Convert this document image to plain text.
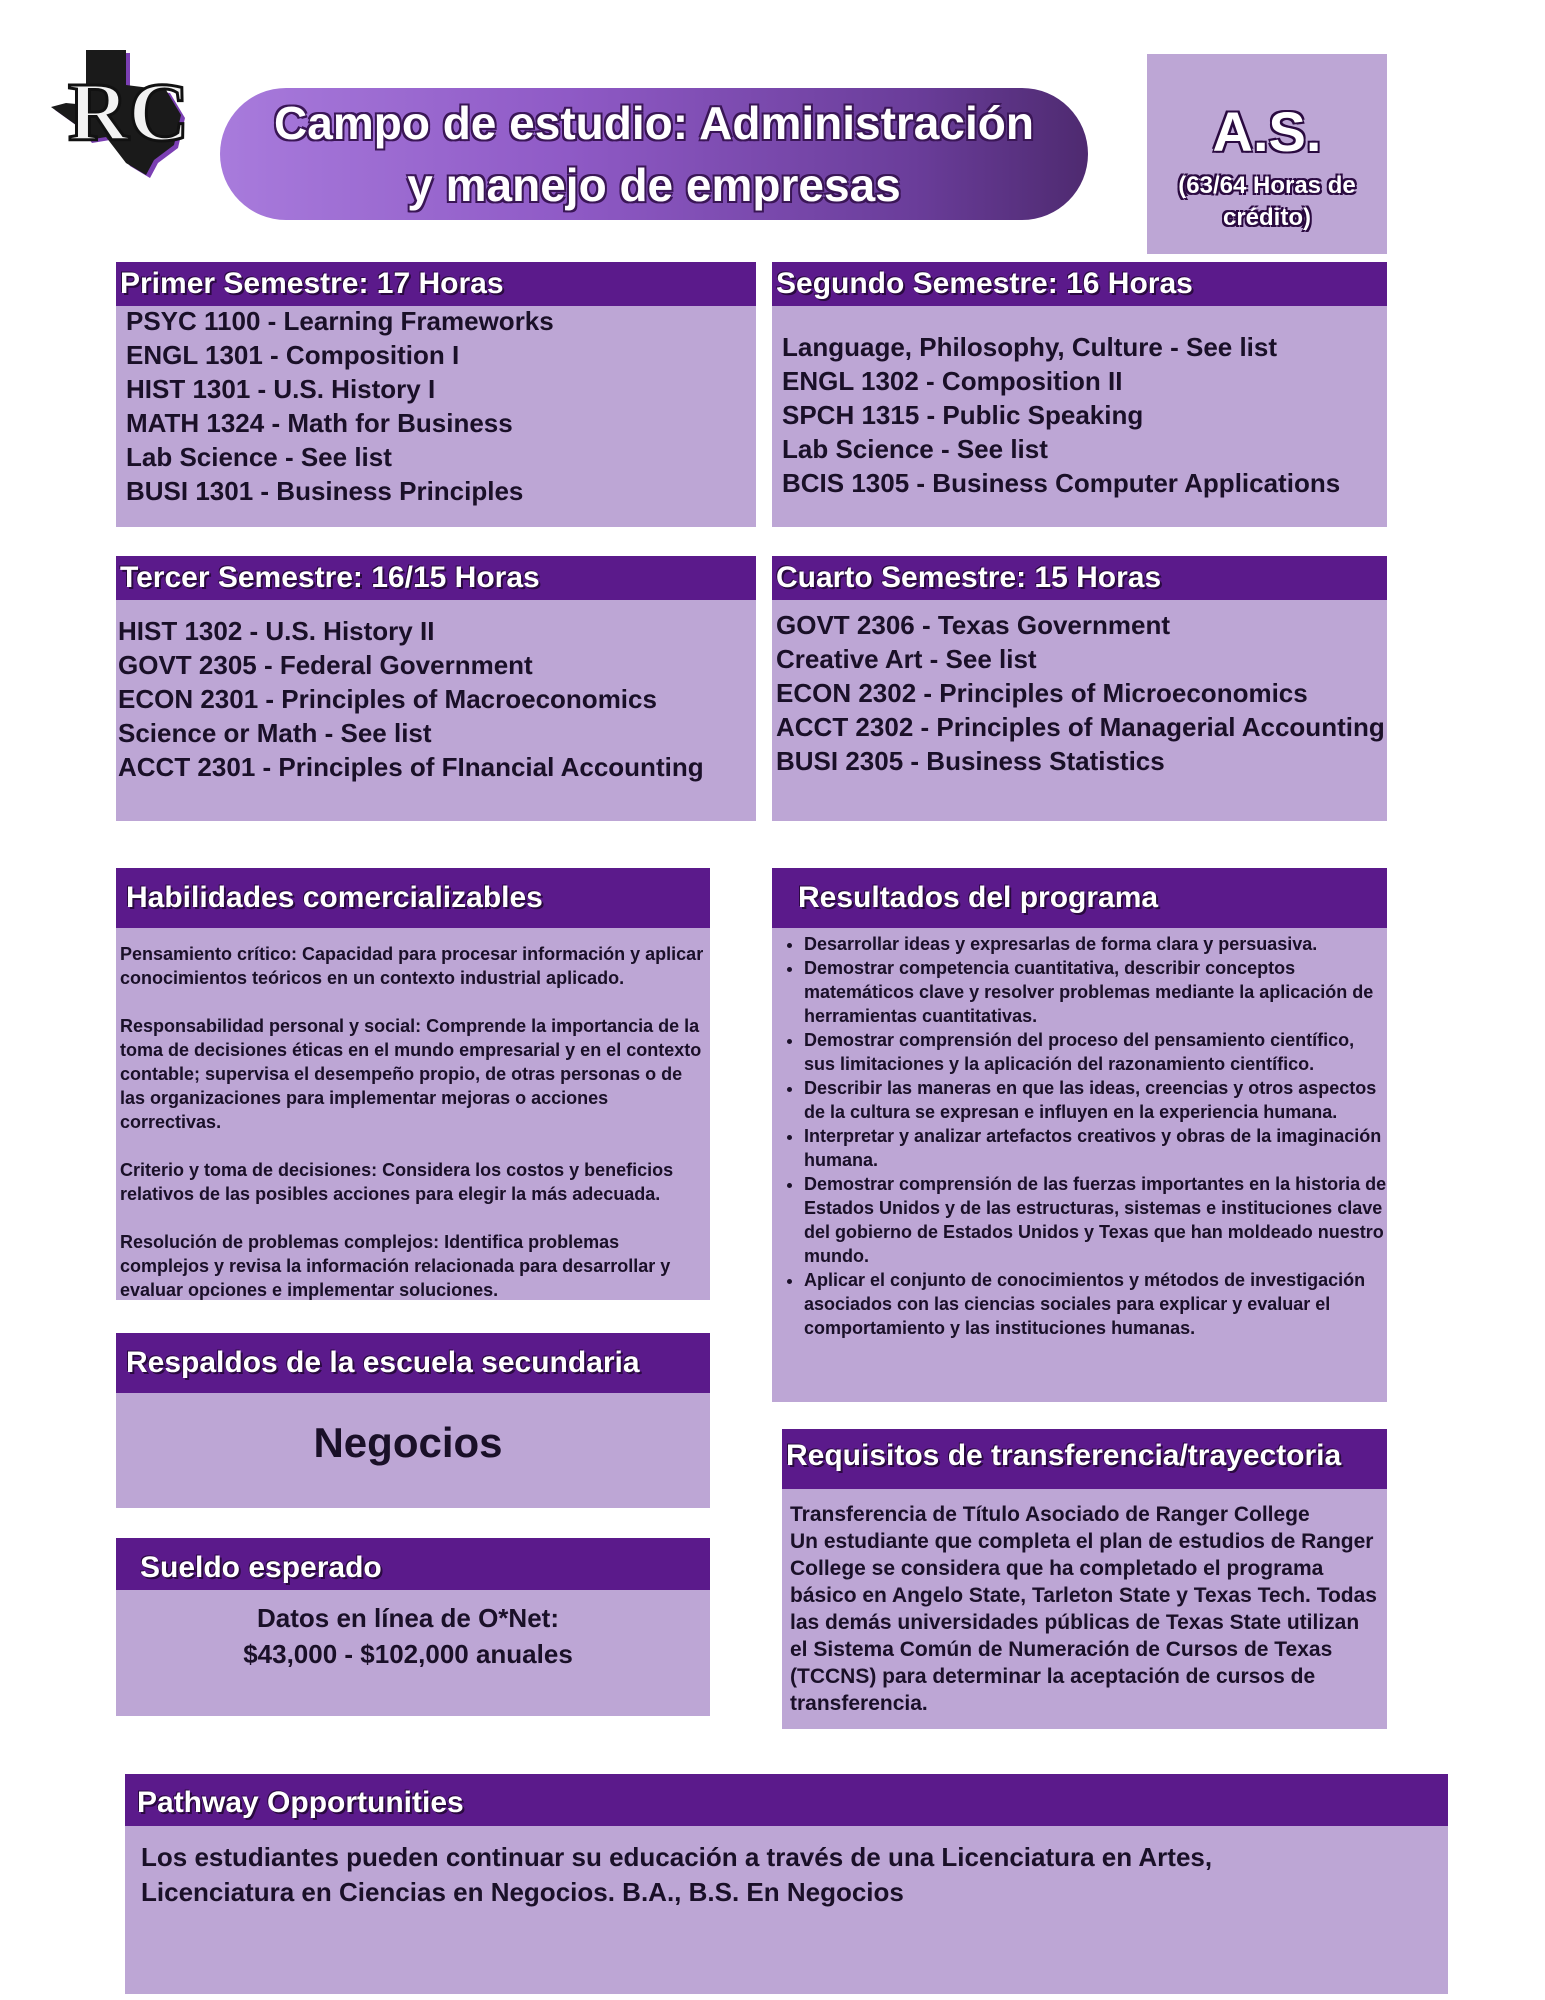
RC Campo de estudio: Administración
y manejo de empresas
A.S.
(63/64 Horas de crédito)
Primer Semestre: 17 Horas
PSYC 1100 - Learning Frameworks
ENGL 1301 - Composition I
HIST 1301 - U.S. History I
MATH 1324 - Math for Business
Lab Science - See list
BUSI 1301 - Business Principles
Segundo Semestre: 16 Horas
Language, Philosophy, Culture - See list
ENGL 1302 - Composition II
SPCH 1315 - Public Speaking
Lab Science - See list
BCIS 1305 - Business Computer Applications
Tercer Semestre: 16/15 Horas
HIST 1302 - U.S. History II
GOVT 2305 - Federal Government
ECON 2301 - Principles of Macroeconomics
Science or Math - See list
ACCT 2301 - Principles of FInancial Accounting
Cuarto Semestre: 15 Horas
GOVT 2306 - Texas Government
Creative Art - See list
ECON 2302 - Principles of Microeconomics
ACCT 2302 - Principles of Managerial Accounting
BUSI 2305 - Business Statistics
Habilidades comercializables

Pensamiento crítico: Capacidad para procesar información y aplicar conocimientos teóricos en un contexto industrial aplicado.

Responsabilidad personal y social: Comprende la importancia de la toma de decisiones éticas en el mundo empresarial y en el contexto contable; supervisa el desempeño propio, de otras personas o de las organizaciones para implementar mejoras o acciones correctivas.

Criterio y toma de decisiones: Considera los costos y beneficios relativos de las posibles acciones para elegir la más adecuada.

Resolución de problemas complejos: Identifica problemas complejos y revisa la información relacionada para desarrollar y evaluar opciones e implementar soluciones.

Resultados del programa
• Desarrollar ideas y expresarlas de forma clara y persuasiva.
• Demostrar competencia cuantitativa, describir conceptos matemáticos clave y resolver problemas mediante la aplicación de herramientas cuantitativas.
• Demostrar comprensión del proceso del pensamiento científico, sus limitaciones y la aplicación del razonamiento científico.
• Describir las maneras en que las ideas, creencias y otros aspectos de la cultura se expresan e influyen en la experiencia humana.
• Interpretar y analizar artefactos creativos y obras de la imaginación humana.
• Demostrar comprensión de las fuerzas importantes en la historia de Estados Unidos y de las estructuras, sistemas e instituciones clave del gobierno de Estados Unidos y Texas que han moldeado nuestro mundo.
• Aplicar el conjunto de conocimientos y métodos de investigación asociados con las ciencias sociales para explicar y evaluar el comportamiento y las instituciones humanas.
Respaldos de la escuela secundaria
Negocios
Sueldo esperado
Datos en línea de O*Net:
$43,000 - $102,000 anuales
Requisitos de transferencia/trayectoria
Transferencia de Título Asociado de Ranger College
Un estudiante que completa el plan de estudios de Ranger College se considera que ha completado el programa básico en Angelo State, Tarleton State y Texas Tech. Todas las demás universidades públicas de Texas State utilizan el Sistema Común de Numeración de Cursos de Texas (TCCNS) para determinar la aceptación de cursos de transferencia.
Pathway Opportunities
Los estudiantes pueden continuar su educación a través de una Licenciatura en Artes,
Licenciatura en Ciencias en Negocios. B.A., B.S. En Negocios
